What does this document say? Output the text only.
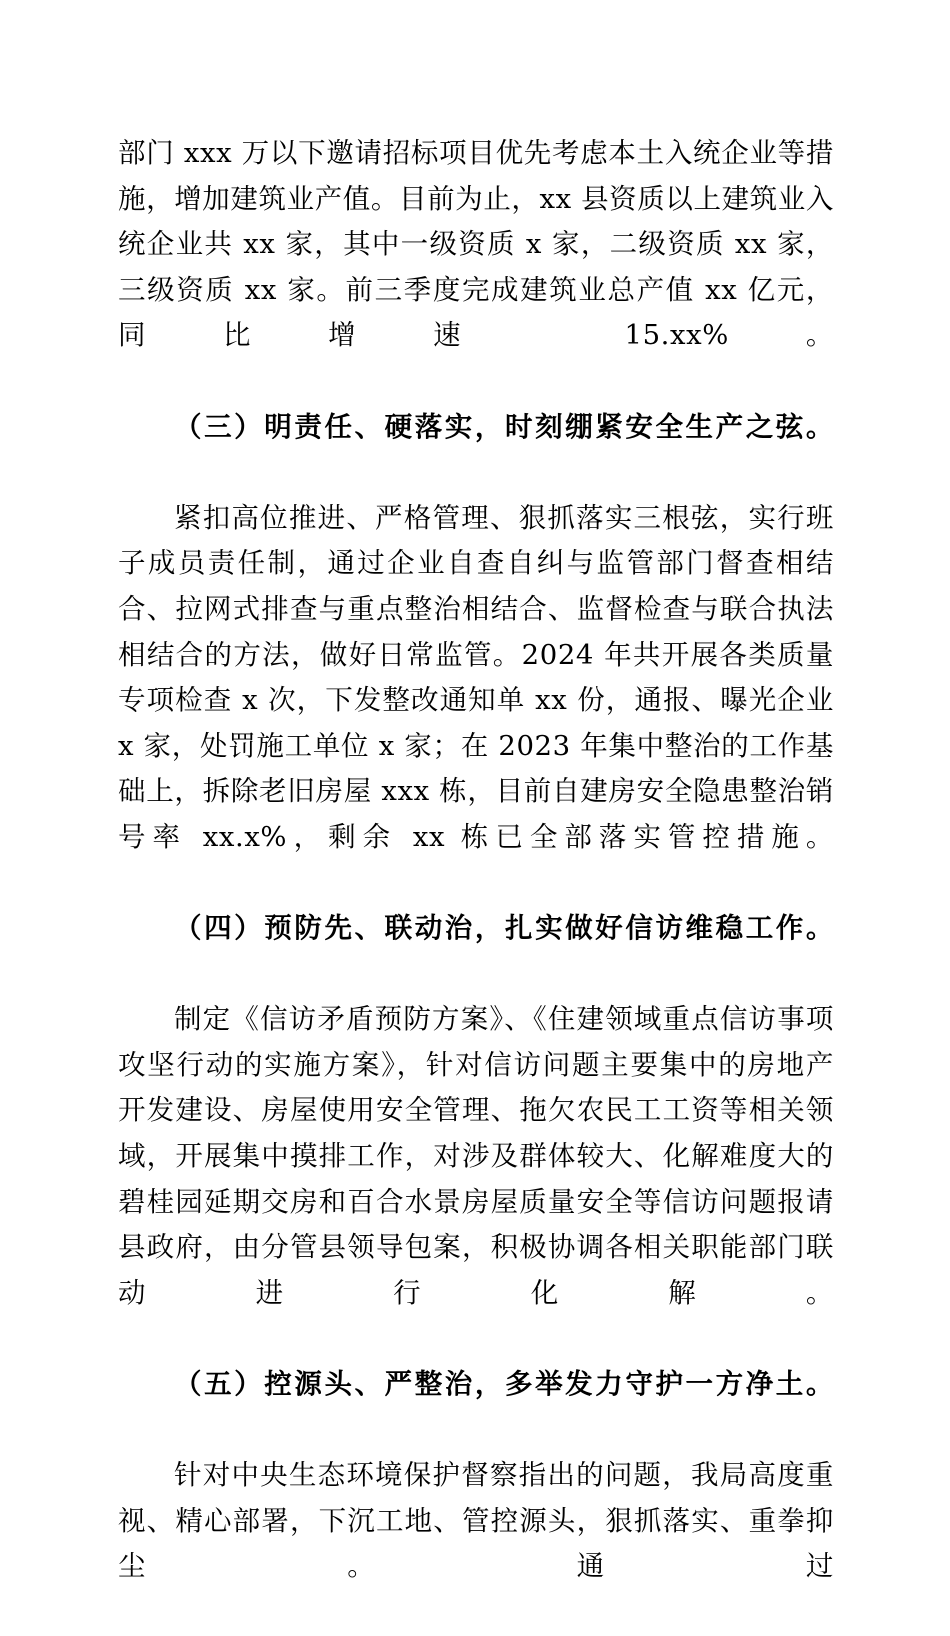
部门 xxx 万以下邀请招标项目优先考虑本土入统企业等措施，增加建筑业产值。目前为止，xx 县资质以上建筑业入统企业共 xx 家，其中一级资质 x 家，二级资质 xx 家，三级资质 xx 家。前三季度完成建筑业总产值 xx 亿元，同比增速 15.xx%。

（三）明责任、硬落实，时刻绷紧安全生产之弦。

紧扣高位推进、严格管理、狠抓落实三根弦，实行班子成员责任制，通过企业自查自纠与监管部门督查相结合、拉网式排查与重点整治相结合、监督检查与联合执法相结合的方法，做好日常监管。2024 年共开展各类质量专项检查 x 次，下发整改通知单 xx 份，通报、曝光企业 x 家，处罚施工单位 x 家；在 2023 年集中整治的工作基础上，拆除老旧房屋 xxx 栋，目前自建房安全隐患整治销号率 xx.x%，剩余 xx 栋已全部落实管控措施。

（四）预防先、联动治，扎实做好信访维稳工作。

制定《信访矛盾预防方案》、《住建领域重点信访事项攻坚行动的实施方案》，针对信访问题主要集中的房地产开发建设、房屋使用安全管理、拖欠农民工工资等相关领域，开展集中摸排工作，对涉及群体较大、化解难度大的碧桂园延期交房和百合水景房屋质量安全等信访问题报请县政府，由分管县领导包案，积极协调各相关职能部门联动进行化解。

（五）控源头、严整治，多举发力守护一方净土。

针对中央生态环境保护督察指出的问题，我局高度重视、精心部署，下沉工地、管控源头，狠抓落实、重拳抑尘。通过
